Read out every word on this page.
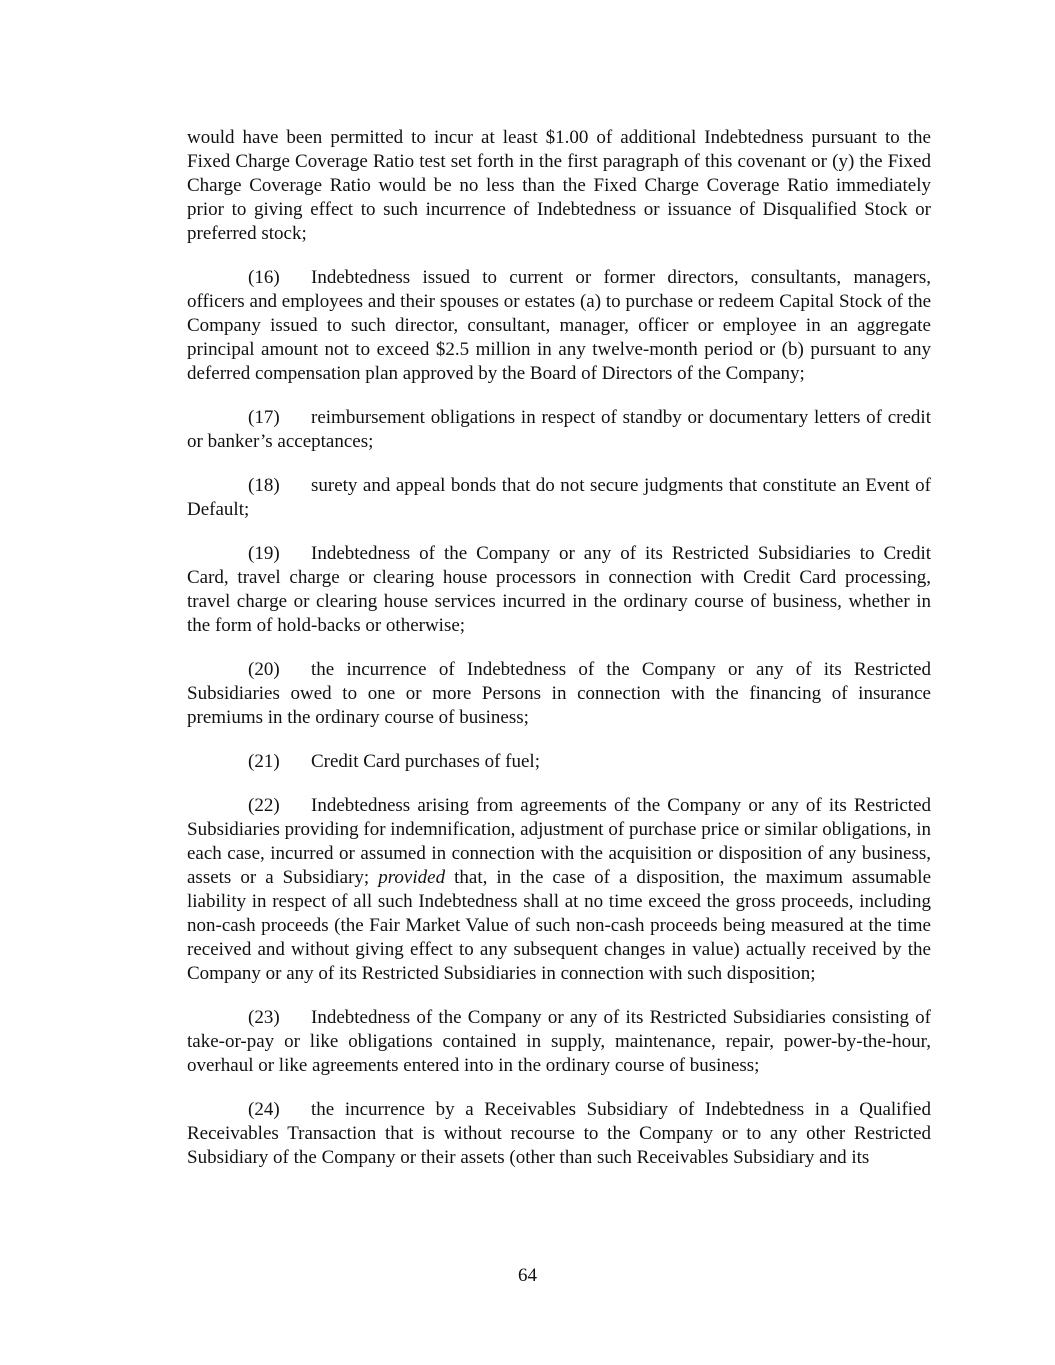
would have been permitted to incur at least $1.00 of additional Indebtedness pursuant to the Fixed Charge Coverage Ratio test set forth in the first paragraph of this covenant or (y) the Fixed Charge Coverage Ratio would be no less than the Fixed Charge Coverage Ratio immediately prior to giving effect to such incurrence of Indebtedness or issuance of Disqualified Stock or preferred stock;

(16) Indebtedness issued to current or former directors, consultants, managers, officers and employees and their spouses or estates (a) to purchase or redeem Capital Stock of the Company issued to such director, consultant, manager, officer or employee in an aggregate principal amount not to exceed $2.5 million in any twelve-month period or (b) pursuant to any deferred compensation plan approved by the Board of Directors of the Company;

(17) reimbursement obligations in respect of standby or documentary letters of credit or banker’s acceptances;

(18) surety and appeal bonds that do not secure judgments that constitute an Event of Default;

(19) Indebtedness of the Company or any of its Restricted Subsidiaries to Credit Card, travel charge or clearing house processors in connection with Credit Card processing, travel charge or clearing house services incurred in the ordinary course of business, whether in the form of hold-backs or otherwise;

(20) the incurrence of Indebtedness of the Company or any of its Restricted Subsidiaries owed to one or more Persons in connection with the financing of insurance premiums in the ordinary course of business;

(21) Credit Card purchases of fuel;

(22) Indebtedness arising from agreements of the Company or any of its Restricted Subsidiaries providing for indemnification, adjustment of purchase price or similar obligations, in each case, incurred or assumed in connection with the acquisition or disposition of any business, assets or a Subsidiary; provided that, in the case of a disposition, the maximum assumable liability in respect of all such Indebtedness shall at no time exceed the gross proceeds, including non-cash proceeds (the Fair Market Value of such non-cash proceeds being measured at the time received and without giving effect to any subsequent changes in value) actually received by the Company or any of its Restricted Subsidiaries in connection with such disposition;

(23) Indebtedness of the Company or any of its Restricted Subsidiaries consisting of take-or-pay or like obligations contained in supply, maintenance, repair, power-by-the-hour, overhaul or like agreements entered into in the ordinary course of business;

(24) the incurrence by a Receivables Subsidiary of Indebtedness in a Qualified Receivables Transaction that is without recourse to the Company or to any other Restricted Subsidiary of the Company or their assets (other than such Receivables Subsidiary and its

64
